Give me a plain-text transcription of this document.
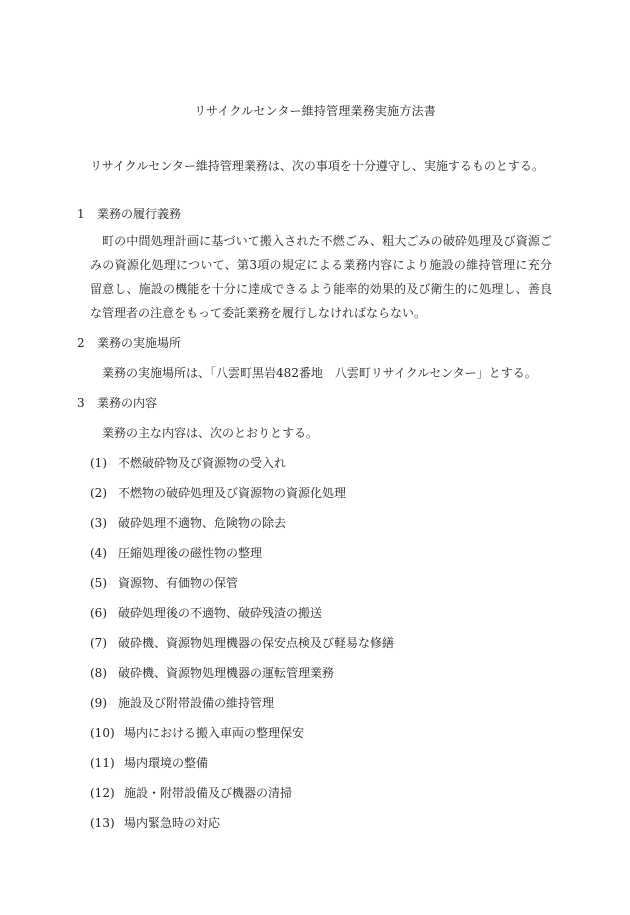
リサイクルセンター維持管理業務実施方法書
リサイクルセンター維持管理業務は、次の事項を十分遵守し、実施するものとする。
1 業務の履行義務
町の中間処理計画に基づいて搬入された不燃ごみ、粗大ごみの破砕処理及び資源ごみの資源化処理について、第3項の規定による業務内容により施設の維持管理に充分留意し、施設の機能を十分に達成できるよう能率的効果的及び衛生的に処理し、善良な管理者の注意をもって委託業務を履行しなければならない。
2 業務の実施場所
業務の実施場所は、「八雲町黒岩482番地　八雲町リサイクルセンター」とする。
3 業務の内容
業務の主な内容は、次のとおりとする。
(1) 不燃破砕物及び資源物の受入れ
(2) 不燃物の破砕処理及び資源物の資源化処理
(3) 破砕処理不適物、危険物の除去
(4) 圧縮処理後の磁性物の整理
(5) 資源物、有価物の保管
(6) 破砕処理後の不適物、破砕残渣の搬送
(7) 破砕機、資源物処理機器の保安点検及び軽易な修繕
(8) 破砕機、資源物処理機器の運転管理業務
(9) 施設及び附帯設備の維持管理
(10) 場内における搬入車両の整理保安
(11) 場内環境の整備
(12) 施設・附帯設備及び機器の清掃
(13) 場内緊急時の対応
